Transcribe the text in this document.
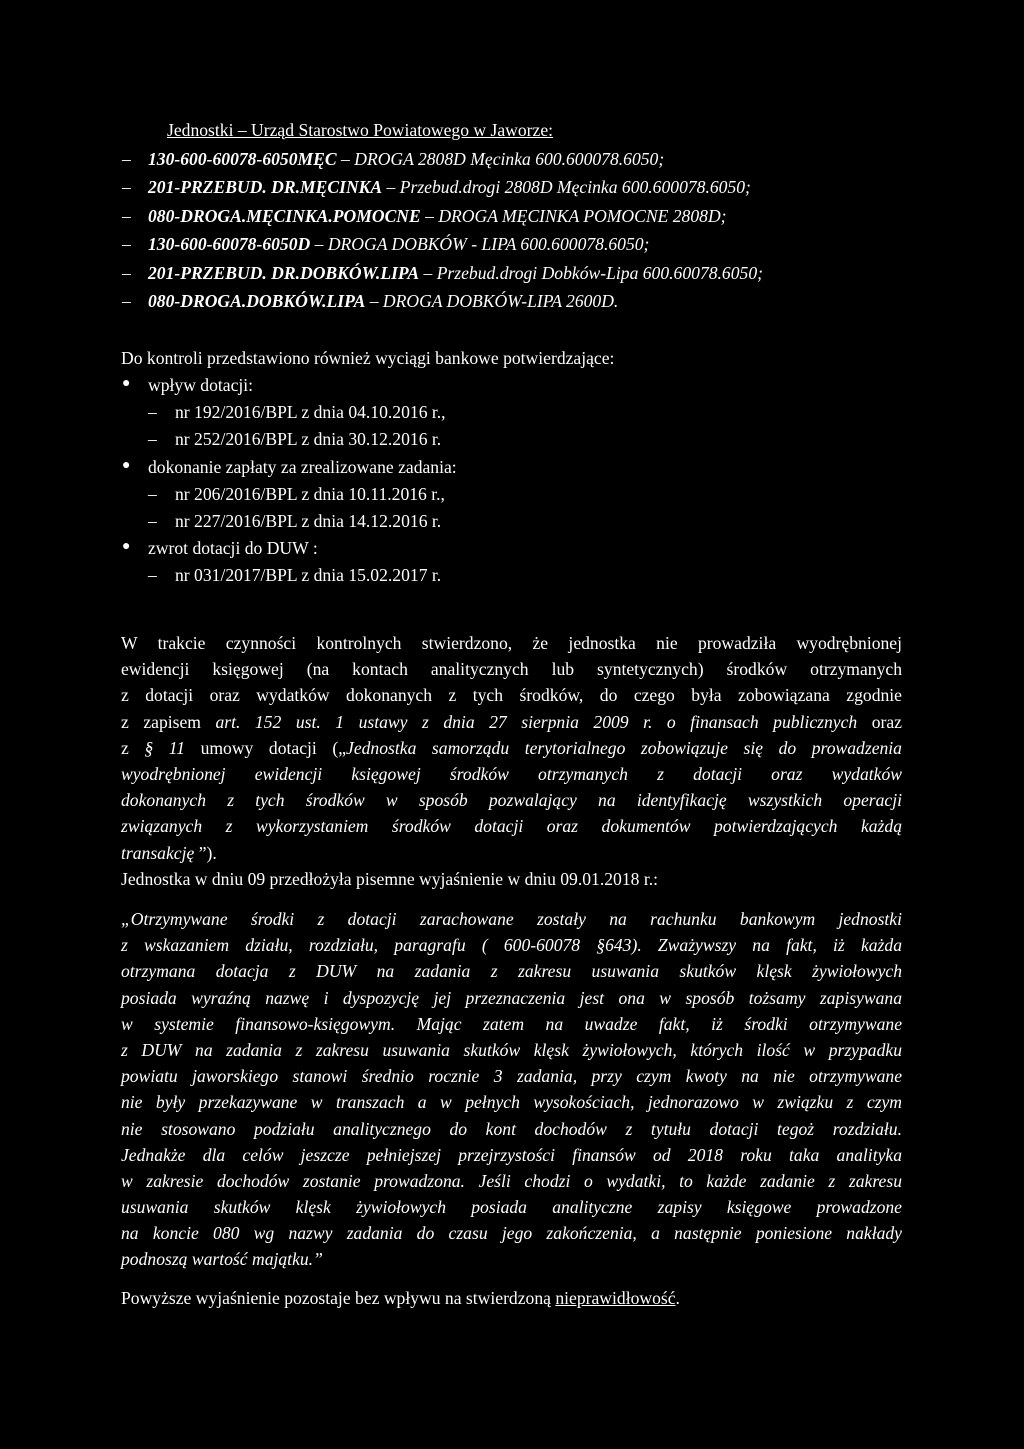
Jednostki – Urząd Starostwo Powiatowego w Jaworze:
– 130-600-60078-6050MĘC – DROGA 2808D Męcinka 600.600078.6050;
– 201-PRZEBUD. DR.MĘCINKA – Przebud.drogi 2808D Męcinka 600.600078.6050;
– 080-DROGA.MĘCINKA.POMOCNE – DROGA MĘCINKA POMOCNE 2808D;
– 130-600-60078-6050D – DROGA DOBKÓW - LIPA 600.600078.6050;
– 201-PRZEBUD. DR.DOBKÓW.LIPA – Przebud.drogi Dobków-Lipa 600.60078.6050;
– 080-DROGA.DOBKÓW.LIPA – DROGA DOBKÓW-LIPA 2600D.
Do kontroli przedstawiono również wyciągi bankowe potwierdzające:
● wpływ dotacji:
– nr 192/2016/BPL z dnia 04.10.2016 r.,
– nr 252/2016/BPL z dnia 30.12.2016 r.
● dokonanie zapłaty za zrealizowane zadania:
– nr 206/2016/BPL z dnia 10.11.2016 r.,
– nr 227/2016/BPL z dnia 14.12.2016 r.
● zwrot dotacji do DUW :
– nr 031/2017/BPL z dnia 15.02.2017 r.
W trakcie czynności kontrolnych stwierdzono, że jednostka nie prowadziła wyodrębnionej
ewidencji księgowej (na kontach analitycznych lub syntetycznych) środków otrzymanych
z dotacji oraz wydatków dokonanych z tych środków, do czego była zobowiązana zgodnie
z zapisem art. 152 ust. 1 ustawy z dnia 27 sierpnia 2009 r. o finansach publicznych oraz
z § 11 umowy dotacji („Jednostka samorządu terytorialnego zobowiązuje się do prowadzenia
wyodrębnionej ewidencji księgowej środków otrzymanych z dotacji oraz wydatków
dokonanych z tych środków w sposób pozwalający na identyfikację wszystkich operacji
związanych z wykorzystaniem środków dotacji oraz dokumentów potwierdzających każdą
transakcję ”).
Jednostka w dniu 09 przedłożyła pisemne wyjaśnienie w dniu 09.01.2018 r.:
„Otrzymywane środki z dotacji zarachowane zostały na rachunku bankowym jednostki
z wskazaniem działu, rozdziału, paragrafu ( 600-60078 §643). Zważywszy na fakt, iż każda
otrzymana dotacja z DUW na zadania z zakresu usuwania skutków klęsk żywiołowych
posiada wyraźną nazwę i dyspozycję jej przeznaczenia jest ona w sposób tożsamy zapisywana
w systemie finansowo-księgowym. Mając zatem na uwadze fakt, iż środki otrzymywane
z DUW na zadania z zakresu usuwania skutków klęsk żywiołowych, których ilość w przypadku
powiatu jaworskiego stanowi średnio rocznie 3 zadania, przy czym kwoty na nie otrzymywane
nie były przekazywane w transzach a w pełnych wysokościach, jednorazowo w związku z czym
nie stosowano podziału analitycznego do kont dochodów z tytułu dotacji tegoż rozdziału.
Jednakże dla celów jeszcze pełniejszej przejrzystości finansów od 2018 roku taka analityka
w zakresie dochodów zostanie prowadzona. Jeśli chodzi o wydatki, to każde zadanie z zakresu
usuwania skutków klęsk żywiołowych posiada analityczne zapisy księgowe prowadzone
na koncie 080 wg nazwy zadania do czasu jego zakończenia, a następnie poniesione nakłady
podnoszą wartość majątku.”
Powyższe wyjaśnienie pozostaje bez wpływu na stwierdzoną nieprawidłowość.
